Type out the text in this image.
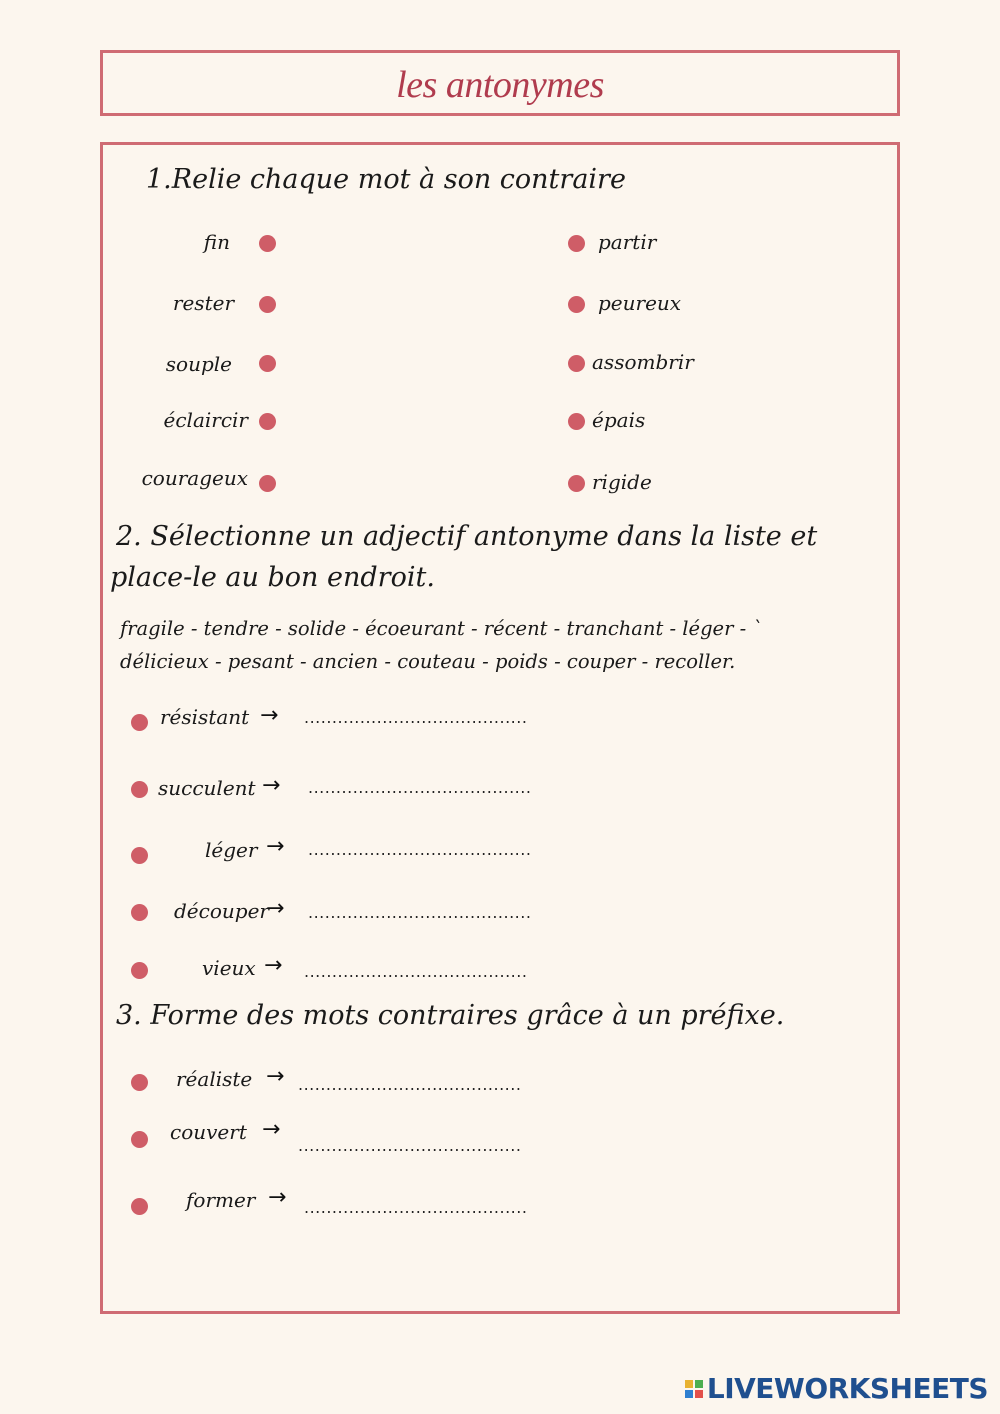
les antonymes
1.Relie chaque mot à son contraire
fin
rester
souple
éclaircir
courageux
partir
peureux
assombrir
épais
rigide
2. Sélectionne un adjectif antonyme dans la liste et
place-le au bon endroit.
fragile - tendre - solide - écoeurant - récent - tranchant - léger - `
délicieux - pesant - ancien - couteau - poids - couper - recoller.
résistant → ........................................
succulent → ........................................
léger → ........................................
découper
→ ........................................
vieux → ........................................
3. Forme des mots contraires grâce à un préfixe.
réaliste → ........................................
couvert →
........................................
former → ........................................
LIVEWORKSHEETS
